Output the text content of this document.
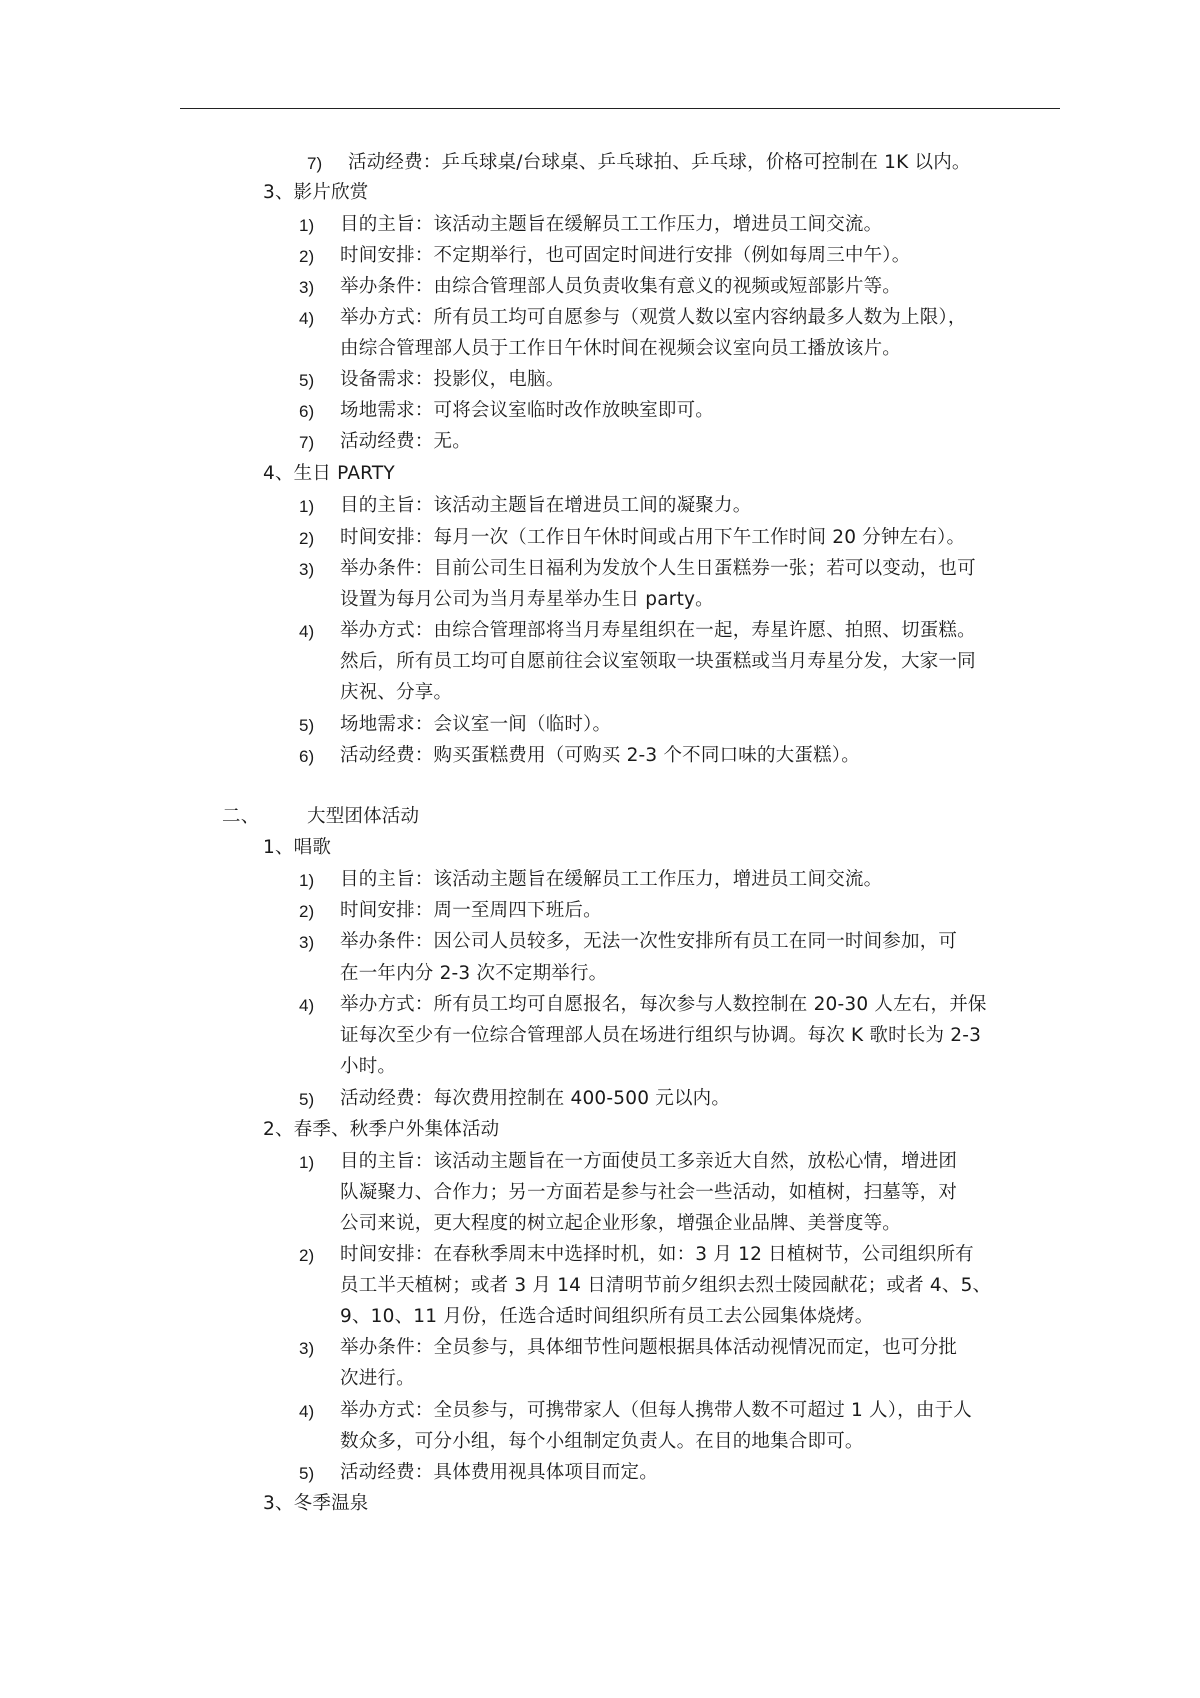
7) 活动经费：乒乓球桌/台球桌、乒乓球拍、乒乓球，价格可控制在 1K 以内。
3、影片欣赏
1) 目的主旨：该活动主题旨在缓解员工工作压力，增进员工间交流。
2) 时间安排：不定期举行，也可固定时间进行安排（例如每周三中午）。
3) 举办条件：由综合管理部人员负责收集有意义的视频或短部影片等。
4) 举办方式：所有员工均可自愿参与（观赏人数以室内容纳最多人数为上限），
由综合管理部人员于工作日午休时间在视频会议室向员工播放该片。
5) 设备需求：投影仪，电脑。
6) 场地需求：可将会议室临时改作放映室即可。
7) 活动经费：无。
4、生日 PARTY
1) 目的主旨：该活动主题旨在增进员工间的凝聚力。
2) 时间安排：每月一次（工作日午休时间或占用下午工作时间 20 分钟左右）。
3) 举办条件：目前公司生日福利为发放个人生日蛋糕券一张；若可以变动，也可
设置为每月公司为当月寿星举办生日 party。
4) 举办方式：由综合管理部将当月寿星组织在一起，寿星许愿、拍照、切蛋糕。
然后，所有员工均可自愿前往会议室领取一块蛋糕或当月寿星分发，大家一同
庆祝、分享。
5) 场地需求：会议室一间（临时）。
6) 活动经费：购买蛋糕费用（可购买 2-3 个不同口味的大蛋糕）。
二、	大型团体活动
1、唱歌
1) 目的主旨：该活动主题旨在缓解员工工作压力，增进员工间交流。
2) 时间安排：周一至周四下班后。
3) 举办条件：因公司人员较多，无法一次性安排所有员工在同一时间参加，可
在一年内分 2-3 次不定期举行。
4) 举办方式：所有员工均可自愿报名，每次参与人数控制在 20-30 人左右，并保
证每次至少有一位综合管理部人员在场进行组织与协调。每次 K 歌时长为 2-3
小时。
5) 活动经费：每次费用控制在 400-500 元以内。
2、春季、秋季户外集体活动
1) 目的主旨：该活动主题旨在一方面使员工多亲近大自然，放松心情，增进团
队凝聚力、合作力；另一方面若是参与社会一些活动，如植树，扫墓等，对
公司来说，更大程度的树立起企业形象，增强企业品牌、美誉度等。
2) 时间安排：在春秋季周末中选择时机，如：3 月 12 日植树节，公司组织所有
员工半天植树；或者 3 月 14 日清明节前夕组织去烈士陵园献花；或者 4、5、
9、10、11 月份，任选合适时间组织所有员工去公园集体烧烤。
3) 举办条件：全员参与，具体细节性问题根据具体活动视情况而定，也可分批
次进行。
4) 举办方式：全员参与，可携带家人（但每人携带人数不可超过 1 人），由于人
数众多，可分小组，每个小组制定负责人。在目的地集合即可。
5) 活动经费：具体费用视具体项目而定。
3、冬季温泉
